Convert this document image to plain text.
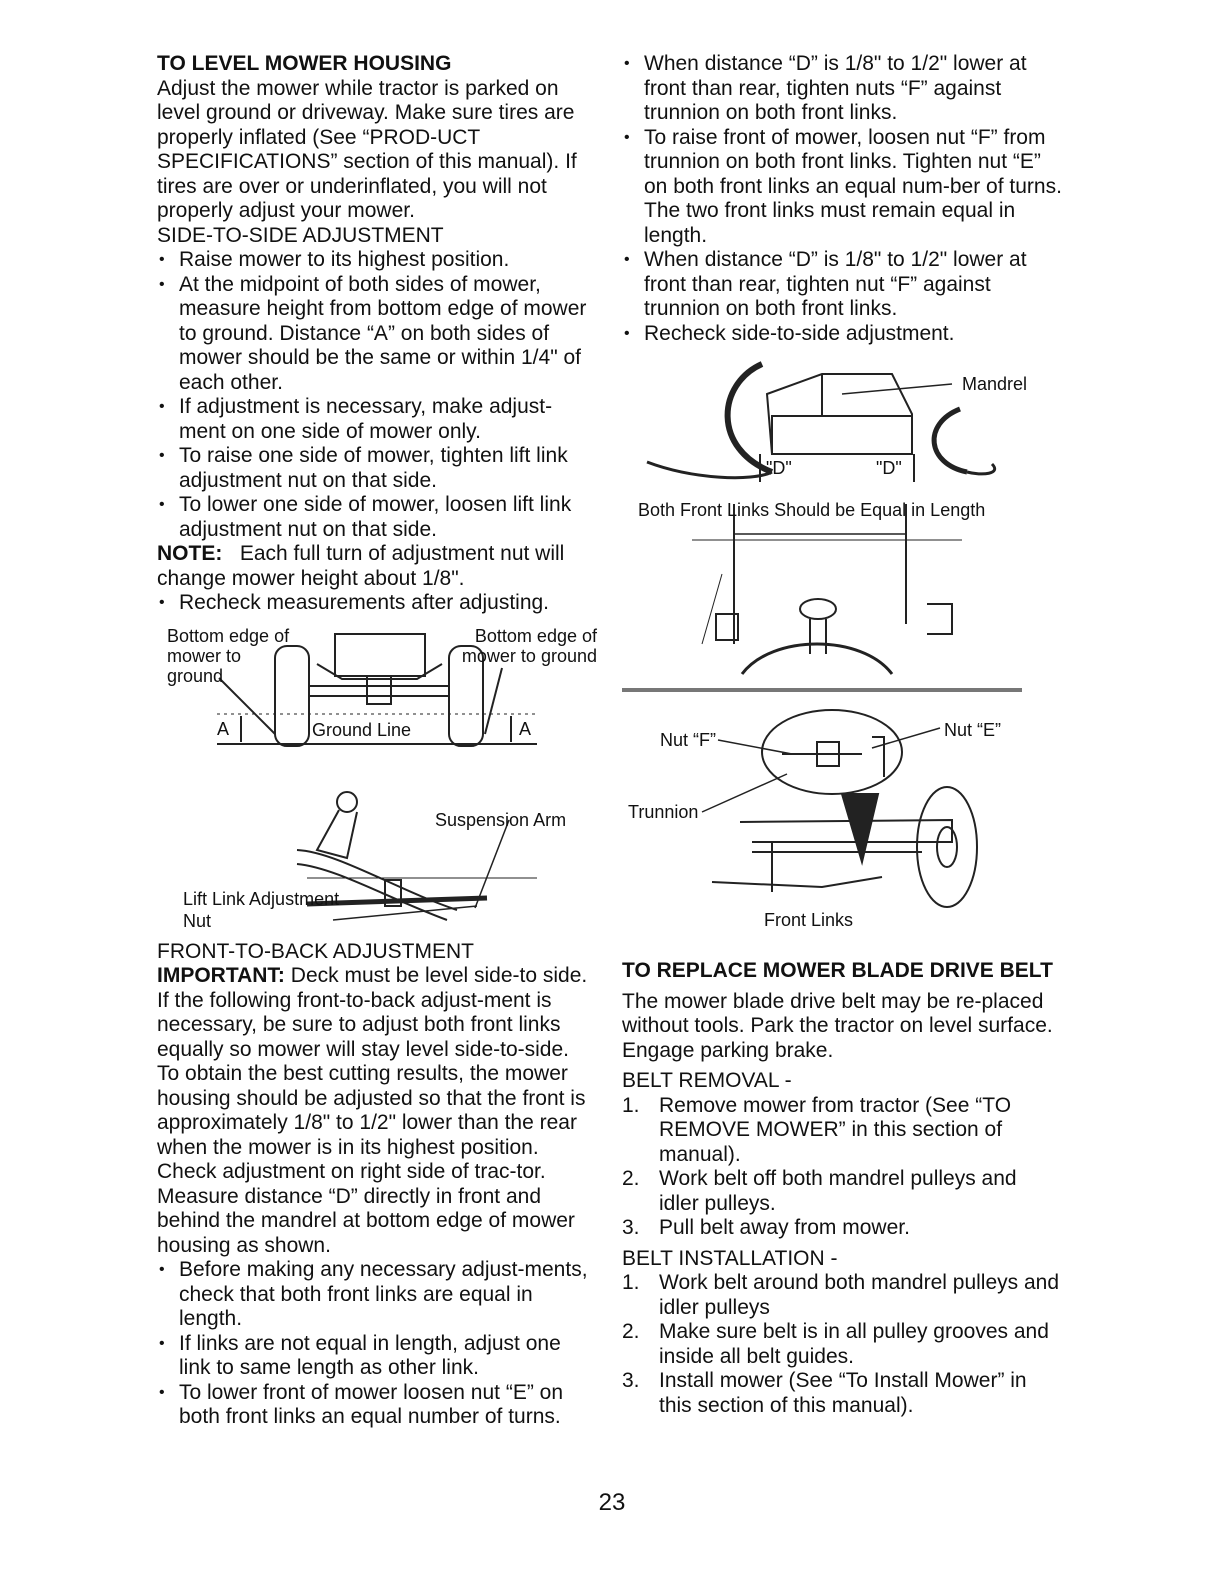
TO LEVEL MOWER HOUSING

Adjust the mower while tractor is parked on level ground or driveway. Make sure tires are properly inflated (See “PROD-UCT SPECIFICATIONS” section of this manual). If tires are over or underinflated, you will not properly adjust your mower.

SIDE-TO-SIDE ADJUSTMENT

• Raise mower to its highest position.
• At the midpoint of both sides of mower, measure height from bottom edge of mower to ground. Distance “A” on both sides of mower should be the same or within 1/4" of each other.
• If adjustment is necessary, make adjust-ment on one side of mower only.
• To raise one side of mower, tighten lift link adjustment nut on that side.
• To lower one side of mower, loosen lift link adjustment nut on that side.

NOTE: Each full turn of adjustment nut will change mower height about 1/8".

• Recheck measurements after adjusting.
Bottom edge of mower to ground
Bottom edge of mower to ground
A	A
Ground Line
Suspension Arm
Lift Link Adjustment Nut

FRONT-TO-BACK ADJUSTMENT

IMPORTANT: Deck must be level side-to side. If the following front-to-back adjust-ment is necessary, be sure to adjust both front links equally so mower will stay level side-to-side.

To obtain the best cutting results, the mower housing should be adjusted so that the front is approximately 1/8" to 1/2" lower than the rear when the mower is in its highest position.

Check adjustment on right side of trac-tor. Measure distance “D” directly in front and behind the mandrel at bottom edge of mower housing as shown.

• Before making any necessary adjust-ments, check that both front links are equal in length.
• If links are not equal in length, adjust one link to same length as other link.
• To lower front of mower loosen nut “E” on both front links an equal number of turns.
• When distance “D” is 1/8" to 1/2" lower at front than rear, tighten nuts “F” against trunnion on both front links.
• To raise front of mower, loosen nut “F” from trunnion on both front links. Tighten nut “E” on both front links an equal num-ber of turns. The two front links must remain equal in length.
• When distance “D” is 1/8" to 1/2" lower at front than rear, tighten nut “F” against trunnion on both front links.
• Recheck side-to-side adjustment.
Mandrel
"D"	"D"
Both Front Links Should be Equal in Length
Nut “F”	Nut “E”
Trunnion
Front Links
TO REPLACE MOWER BLADE DRIVE BELT

The mower blade drive belt may be re-placed without tools. Park the tractor on level surface. Engage parking brake.

BELT REMOVAL -

1. Remove mower from tractor (See “TO REMOVE MOWER” in this section of manual).
2. Work belt off both mandrel pulleys and idler pulleys.
3. Pull belt away from mower.

BELT INSTALLATION -

1. Work belt around both mandrel pulleys and idler pulleys
2. Make sure belt is in all pulley grooves and inside all belt guides.
3. Install mower (See “To Install Mower” in this section of this manual).
23
